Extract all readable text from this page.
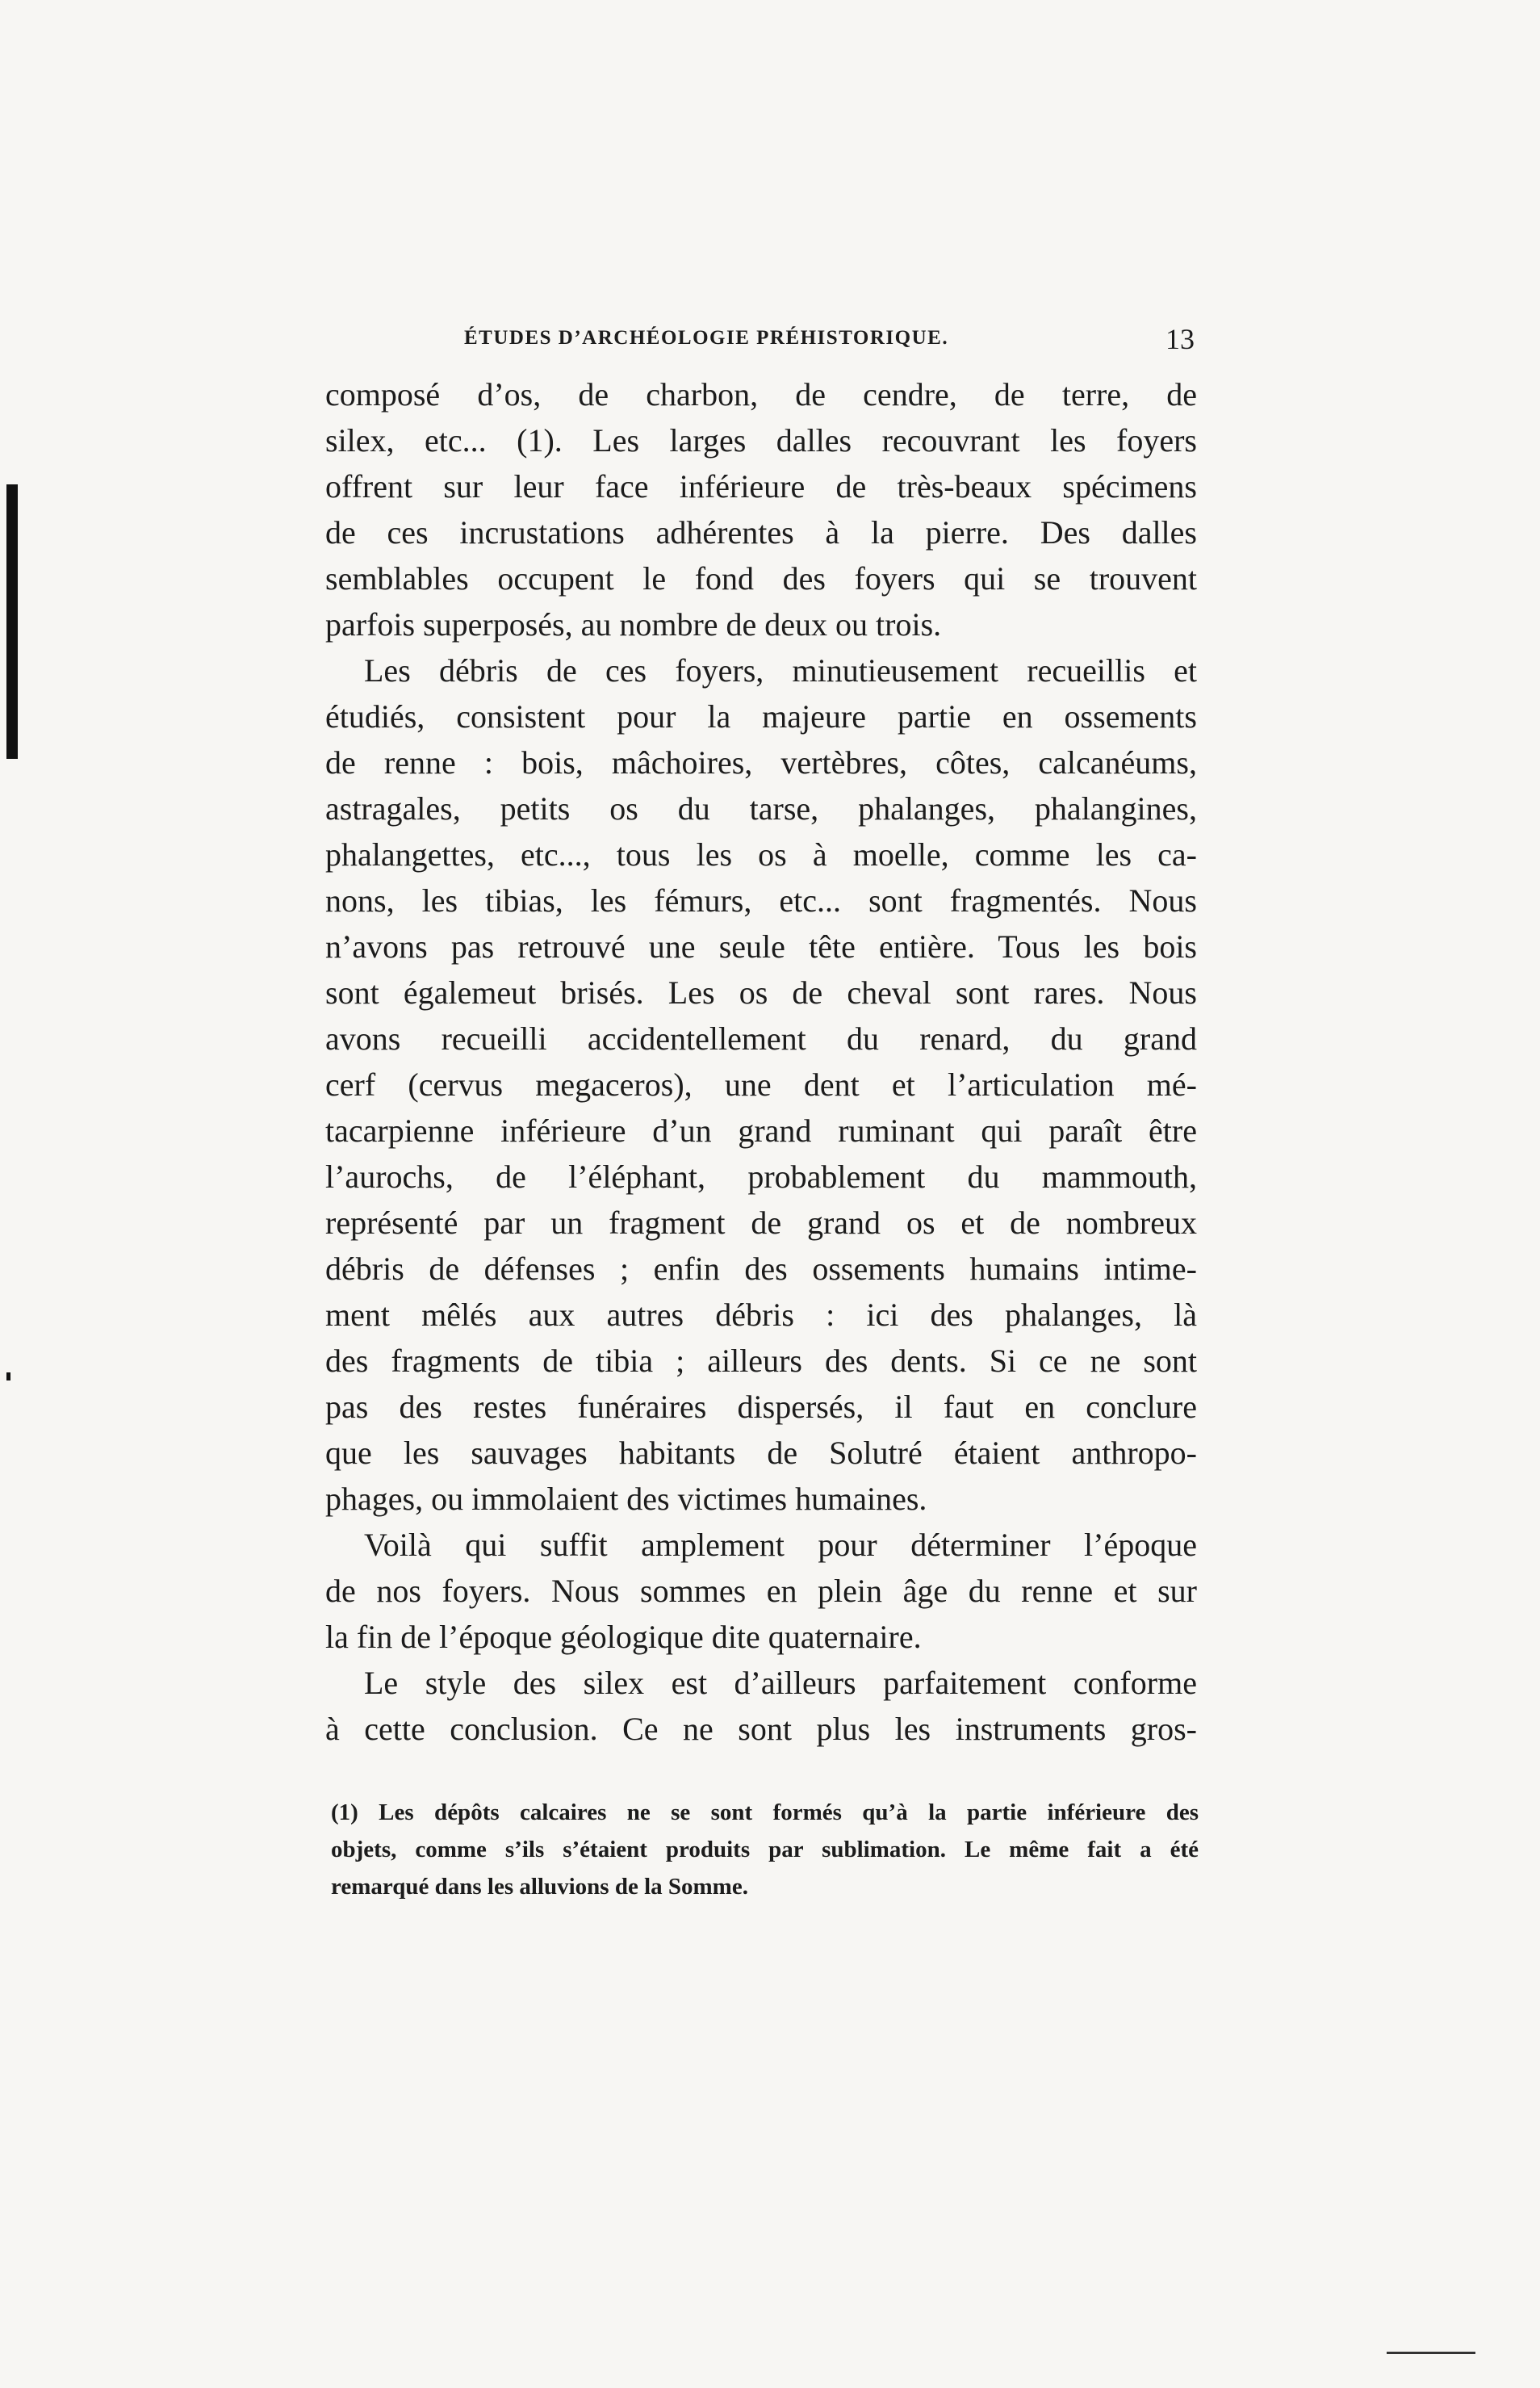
ÉTUDES D’ARCHÉOLOGIE PRÉHISTORIQUE.	13
composé d’os, de charbon, de cendre, de terre, de
silex, etc... (1). Les larges dalles recouvrant les foyers
offrent sur leur face inférieure de très-beaux spécimens
de ces incrustations adhérentes à la pierre. Des dalles
semblables occupent le fond des foyers qui se trouvent
parfois superposés, au nombre de deux ou trois.
Les débris de ces foyers, minutieusement recueillis et
étudiés, consistent pour la majeure partie en ossements
de renne : bois, mâchoires, vertèbres, côtes, calcanéums,
astragales, petits os du tarse, phalanges, phalangines,
phalangettes, etc..., tous les os à moelle, comme les ca-
nons, les tibias, les fémurs, etc... sont fragmentés. Nous
n’avons pas retrouvé une seule tête entière. Tous les bois
sont égalemeut brisés. Les os de cheval sont rares. Nous
avons recueilli accidentellement du renard, du grand
cerf (cervus megaceros), une dent et l’articulation mé-
tacarpienne inférieure d’un grand ruminant qui paraît être
l’aurochs, de l’éléphant, probablement du mammouth,
représenté par un fragment de grand os et de nombreux
débris de défenses ; enfin des ossements humains intime-
ment mêlés aux autres débris : ici des phalanges, là
des fragments de tibia ; ailleurs des dents. Si ce ne sont
pas des restes funéraires dispersés, il faut en conclure
que les sauvages habitants de Solutré étaient anthropo-
phages, ou immolaient des victimes humaines.
Voilà qui suffit amplement pour déterminer l’époque
de nos foyers. Nous sommes en plein âge du renne et sur
la fin de l’époque géologique dite quaternaire.
Le style des silex est d’ailleurs parfaitement conforme
à cette conclusion. Ce ne sont plus les instruments gros-
(1) Les dépôts calcaires ne se sont formés qu’à la partie inférieure des
objets, comme s’ils s’étaient produits par sublimation. Le même fait a été
remarqué dans les alluvions de la Somme.
